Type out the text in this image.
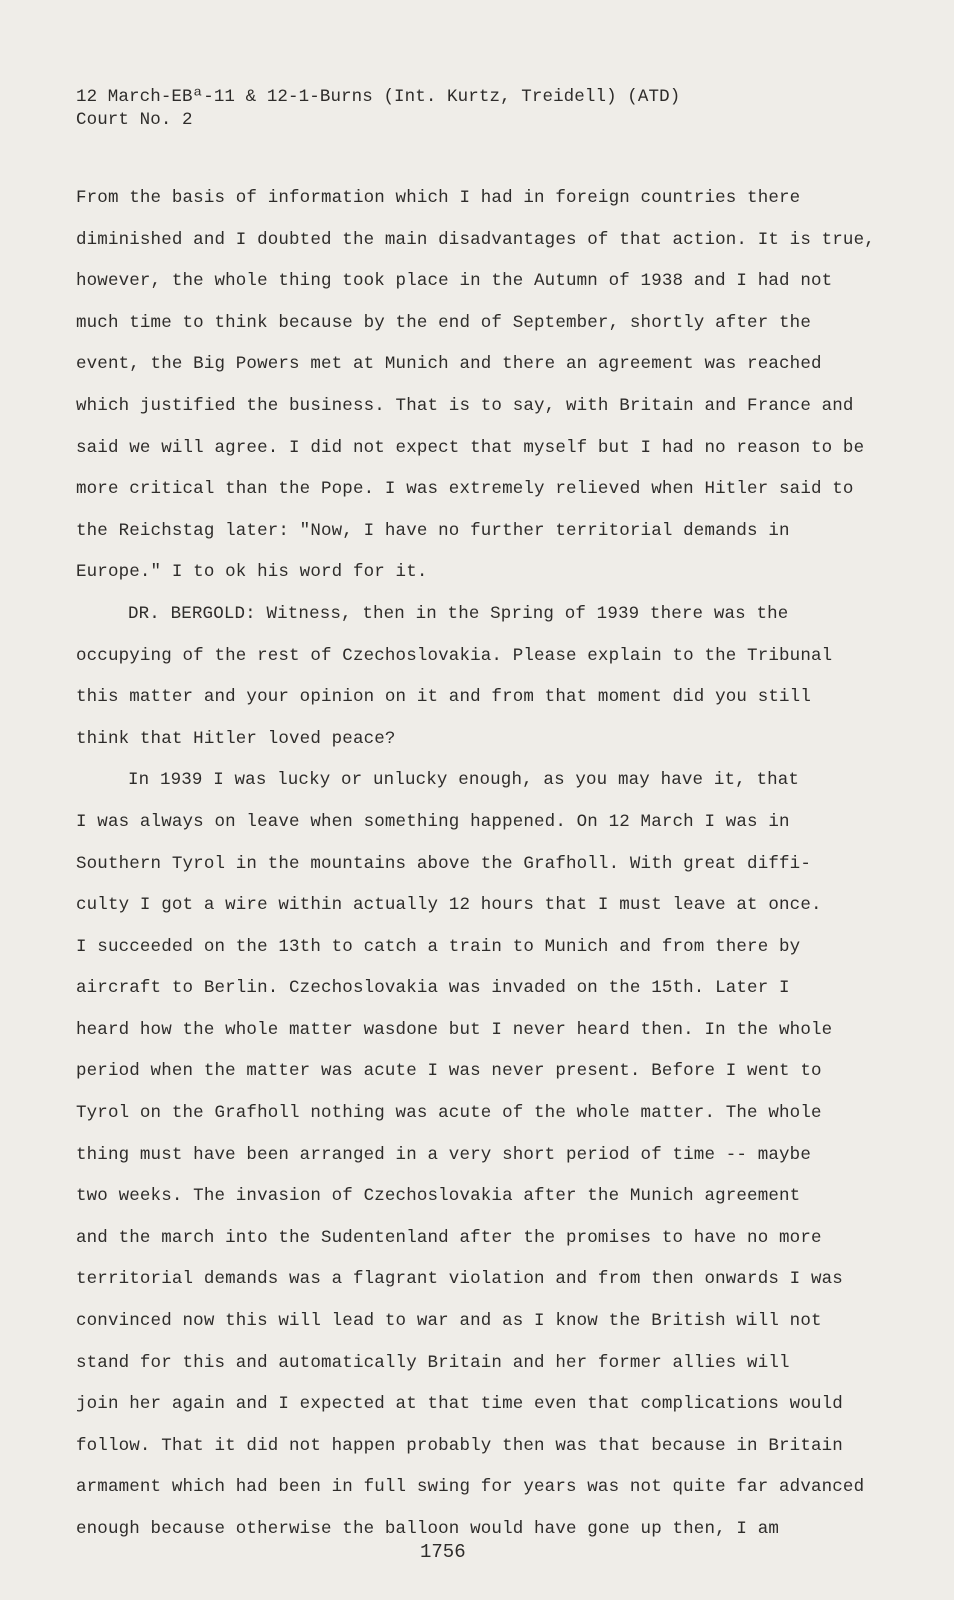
12 March-EBª-11 & 12-1-Burns (Int. Kurtz, Treidell) (ATD)
Court No. 2
From the basis of information which I had in foreign countries there
diminished and I doubted the main disadvantages of that action. It is true,
however, the whole thing took place in the Autumn of 1938 and I had not
much time to think because by the end of September, shortly after the
event, the Big Powers met at Munich and there an agreement was reached
which justified the business. That is to say, with Britain and France and
said we will agree. I did not expect that myself but I had no reason to be
more critical than the Pope. I was extremely relieved when Hitler said to
the Reichstag later: "Now, I have no further territorial demands in
Europe." I to ok his word for it.
DR. BERGOLD: Witness, then in the Spring of 1939 there was the
occupying of the rest of Czechoslovakia. Please explain to the Tribunal
this matter and your opinion on it and from that moment did you still
think that Hitler loved peace?
In 1939 I was lucky or unlucky enough, as you may have it, that
I was always on leave when something happened. On 12 March I was in
Southern Tyrol in the mountains above the Grafholl. With great diffi-
culty I got a wire within actually 12 hours that I must leave at once.
I succeeded on the 13th to catch a train to Munich and from there by
aircraft to Berlin. Czechoslovakia was invaded on the 15th. Later I
heard how the whole matter wasdone but I never heard then. In the whole
period when the matter was acute I was never present. Before I went to
Tyrol on the Grafholl nothing was acute of the whole matter. The whole
thing must have been arranged in a very short period of time -- maybe
two weeks. The invasion of Czechoslovakia after the Munich agreement
and the march into the Sudentenland after the promises to have no more
territorial demands was a flagrant violation and from then onwards I was
convinced now this will lead to war and as I know the British will not
stand for this and automatically Britain and her former allies will
join her again and I expected at that time even that complications would
follow. That it did not happen probably then was that because in Britain
armament which had been in full swing for years was not quite far advanced
enough because otherwise the balloon would have gone up then, I am
1756
